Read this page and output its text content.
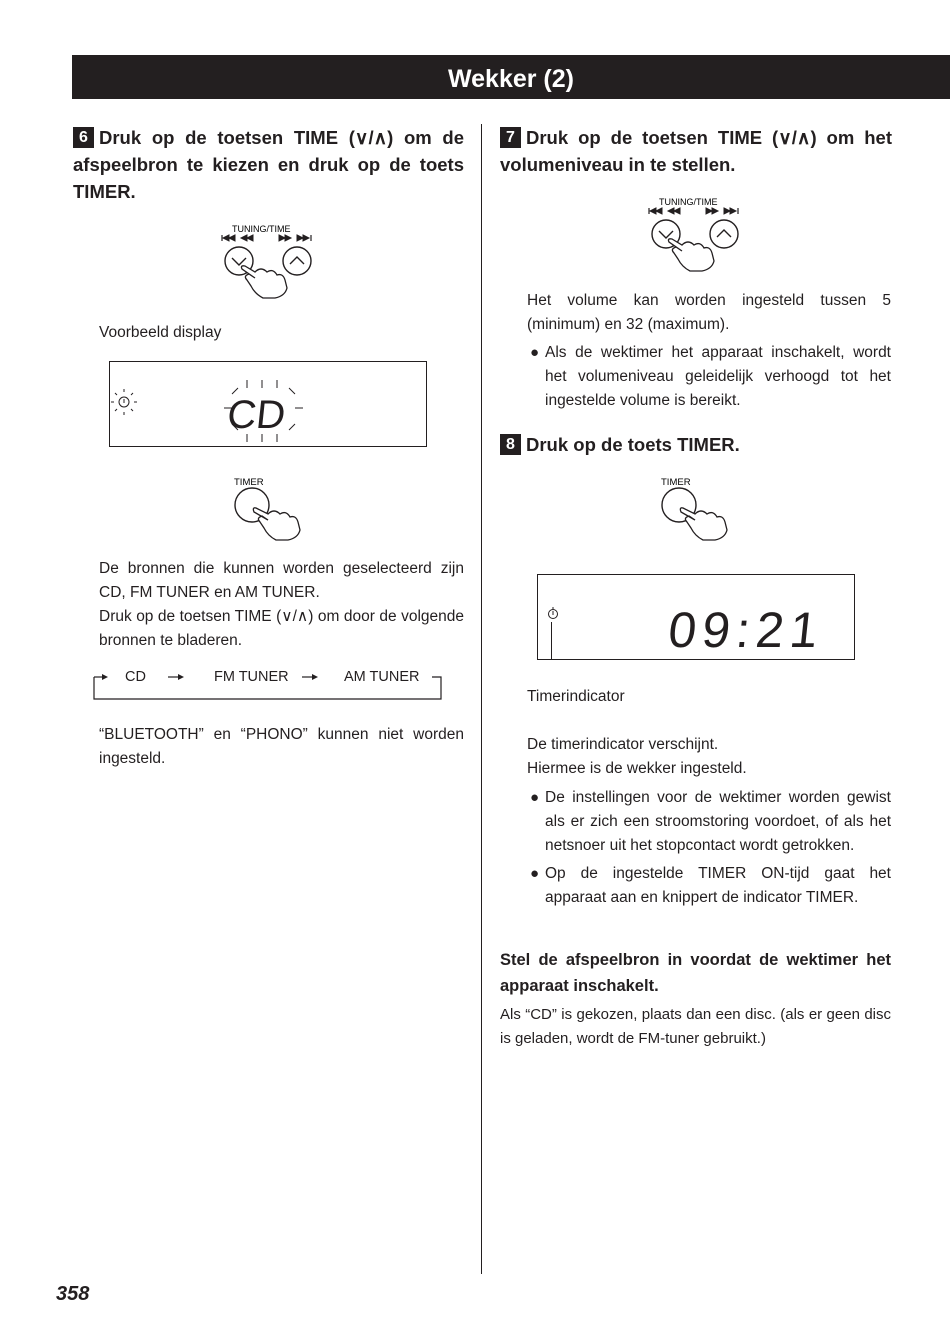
Wekker (2)
6 Druk op de toetsen TIME (∨/∧) om de afspeelbron te kiezen en druk op de toets TIMER.
TUNING/TIME
Voorbeeld display
CD
TIMER
De bronnen die kunnen worden geselecteerd zijn CD, FM TUNER en AM TUNER.
Druk op de toetsen TIME (∨/∧) om door de volgende bronnen te bladeren.
CD	FM TUNER	AM TUNER
“BLUETOOTH” en “PHONO” kunnen niet worden ingesteld.
7 Druk op de toetsen TIME (∨/∧) om het volumeniveau in te stellen.
TUNING/TIME
Het volume kan worden ingesteld tussen 5 (minimum) en 32 (maximum).
● Als de wektimer het apparaat inschakelt, wordt het volumeniveau geleidelijk verhoogd tot het ingestelde volume is bereikt.
8 Druk op de toets TIMER.
TIMER
09:21
Timerindicator
De timerindicator verschijnt.
Hiermee is de wekker ingesteld.
● De instellingen voor de wektimer worden gewist als er zich een stroomstoring voordoet, of als het netsnoer uit het stopcontact wordt getrokken.
● Op de ingestelde TIMER ON-tijd gaat het apparaat aan en knippert de indicator TIMER.
Stel de afspeelbron in voordat de wektimer het apparaat inschakelt.
Als “CD” is gekozen, plaats dan een disc. (als er geen disc is geladen, wordt de FM-tuner gebruikt.)
358
